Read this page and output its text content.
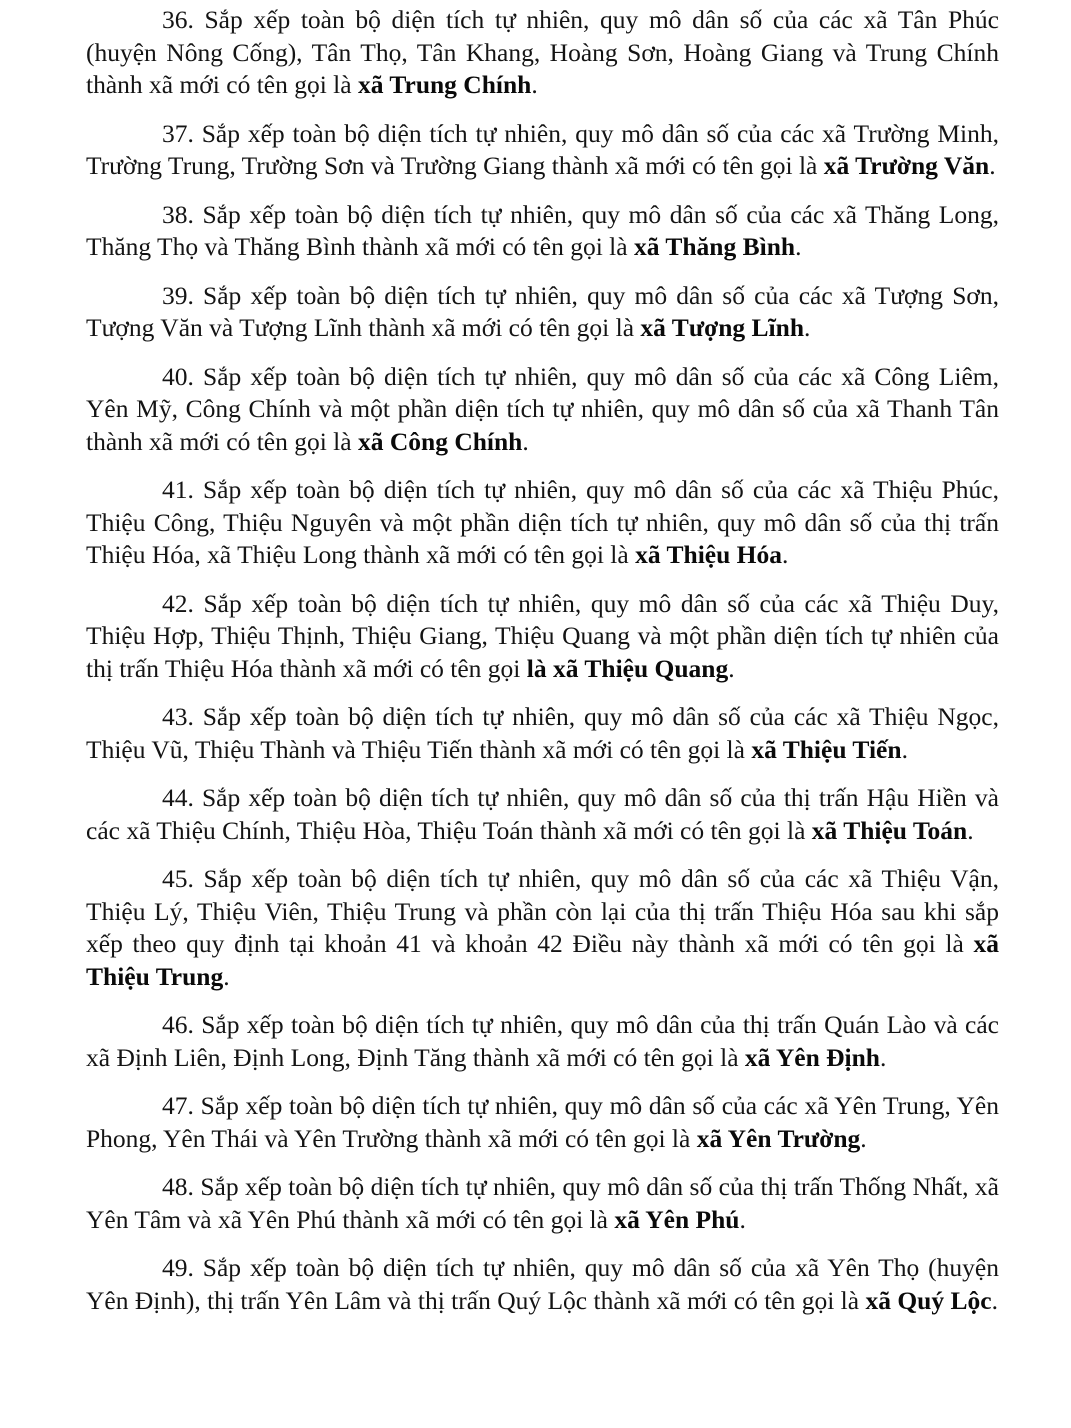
36. Sắp xếp toàn bộ diện tích tự nhiên, quy mô dân số của các xã Tân Phúc (huyện Nông Cống), Tân Thọ, Tân Khang, Hoàng Sơn, Hoàng Giang và Trung Chính thành xã mới có tên gọi là xã Trung Chính.

37. Sắp xếp toàn bộ diện tích tự nhiên, quy mô dân số của các xã Trường Minh, Trường Trung, Trường Sơn và Trường Giang thành xã mới có tên gọi là xã Trường Văn.

38. Sắp xếp toàn bộ diện tích tự nhiên, quy mô dân số của các xã Thăng Long, Thăng Thọ và Thăng Bình thành xã mới có tên gọi là xã Thăng Bình.

39. Sắp xếp toàn bộ diện tích tự nhiên, quy mô dân số của các xã Tượng Sơn, Tượng Văn và Tượng Lĩnh thành xã mới có tên gọi là xã Tượng Lĩnh.

40. Sắp xếp toàn bộ diện tích tự nhiên, quy mô dân số của các xã Công Liêm, Yên Mỹ, Công Chính và một phần diện tích tự nhiên, quy mô dân số của xã Thanh Tân thành xã mới có tên gọi là xã Công Chính.

41. Sắp xếp toàn bộ diện tích tự nhiên, quy mô dân số của các xã Thiệu Phúc, Thiệu Công, Thiệu Nguyên và một phần diện tích tự nhiên, quy mô dân số của thị trấn Thiệu Hóa, xã Thiệu Long thành xã mới có tên gọi là xã Thiệu Hóa.

42. Sắp xếp toàn bộ diện tích tự nhiên, quy mô dân số của các xã Thiệu Duy, Thiệu Hợp, Thiệu Thịnh, Thiệu Giang, Thiệu Quang và một phần diện tích tự nhiên của thị trấn Thiệu Hóa thành xã mới có tên gọi là xã Thiệu Quang.

43. Sắp xếp toàn bộ diện tích tự nhiên, quy mô dân số của các xã Thiệu Ngọc, Thiệu Vũ, Thiệu Thành và Thiệu Tiến thành xã mới có tên gọi là xã Thiệu Tiến.

44. Sắp xếp toàn bộ diện tích tự nhiên, quy mô dân số của thị trấn Hậu Hiền và các xã Thiệu Chính, Thiệu Hòa, Thiệu Toán thành xã mới có tên gọi là xã Thiệu Toán.

45. Sắp xếp toàn bộ diện tích tự nhiên, quy mô dân số của các xã Thiệu Vận, Thiệu Lý, Thiệu Viên, Thiệu Trung và phần còn lại của thị trấn Thiệu Hóa sau khi sắp xếp theo quy định tại khoản 41 và khoản 42 Điều này thành xã mới có tên gọi là xã Thiệu Trung.

46. Sắp xếp toàn bộ diện tích tự nhiên, quy mô dân của thị trấn Quán Lào và các xã Định Liên, Định Long, Định Tăng thành xã mới có tên gọi là xã Yên Định.

47. Sắp xếp toàn bộ diện tích tự nhiên, quy mô dân số của các xã Yên Trung, Yên Phong, Yên Thái và Yên Trường thành xã mới có tên gọi là xã Yên Trường.

48. Sắp xếp toàn bộ diện tích tự nhiên, quy mô dân số của thị trấn Thống Nhất, xã Yên Tâm và xã Yên Phú thành xã mới có tên gọi là xã Yên Phú.

49. Sắp xếp toàn bộ diện tích tự nhiên, quy mô dân số của xã Yên Thọ (huyện Yên Định), thị trấn Yên Lâm và thị trấn Quý Lộc thành xã mới có tên gọi là xã Quý Lộc.
